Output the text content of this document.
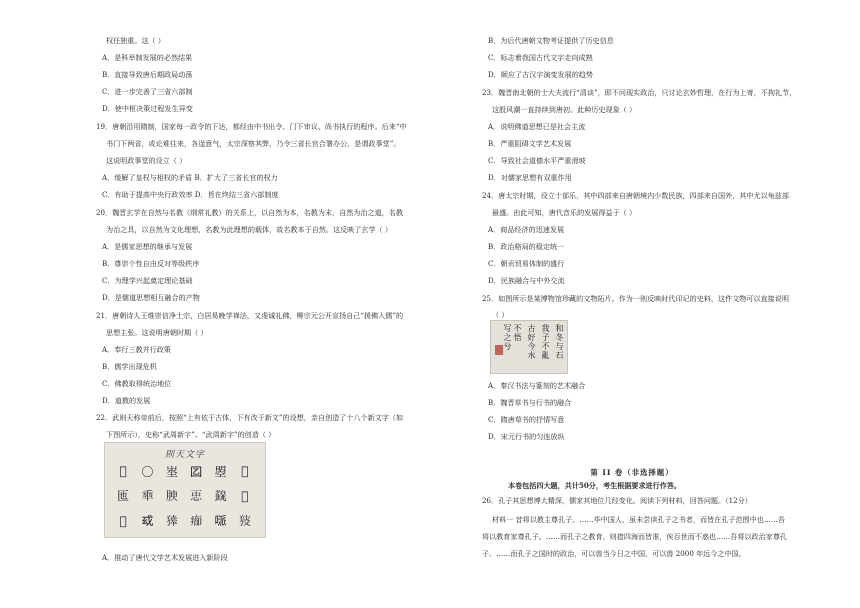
权任独重。这（ ）
A．是科举制发展的必然结果
B．直接导致唐后期政局动荡
C．进一步完善了三省六部制
D．使中枢决策过程发生异变
19．唐朝沿用隋制，国家每一政令的下达，都经由中书出令、门下审议、尚书执行的程序。后来“中
书门下两省，或论难往来，各逞意气，太宗深察其弊，乃令三省长官合署办公，是谓政事堂”。
这说明政事堂的设立（ ）
A．缓解了皇权与相权的矛盾 B．扩大了三省长官的权力
C．有助于提高中央行政效率 D．旨在终结三省六部制度
20．魏晋玄学在自然与名教（纲常礼教）的关系上，以自然为本，名教为末，自然为治之道，名教
为治之具，以自然为文化理想，名教为此理想的载体，故名教本于自然。这反映了玄学（ ）
A．是儒家思想的继承与发展
B．尊崇个性自由反对等级秩序
C．为理学兴起奠定理论基础
D．是儒道思想相互融合的产物
21．唐朝诗人王维崇信净土宗，白居易晚学禅法，又虔诚礼佛，柳宗元公开宣扬自己“援佛入儒”的
思想主张。这说明唐朝时期（ ）
A．奉行三教并行政策
B．儒学出现危机
C．佛教取得统治地位
D．道教的发展
22．武则天称帝前后，按照“上有依于古体，下有改于新文”的设想，亲自创造了十八个新文字（如
下图所示），史称“武周新字”。“武周新字”的创造（ ）
A．推动了唐代文学艺术发展进入新阶段
則天文字
𠀑	〇	埊	𡆠	曌	𠡦
匜	𠦚	𦚤	𢘑	𤾿	𡕀
𠡦	𢦙	𤡶	𤷽	𠸁	𤟫
第 II 卷（非选择题）
本卷包括四大题，共计50分，考生根据要求进行作答。
B．为后代唐朝文物考证提供了历史信息
C．标志着我国古代文字走向成熟
D．顺应了古汉字演变发展的趋势
23．魏晋南北朝的士大夫流行“清谈”，即不问现实政治，只讨论玄妙哲理，在行为上寄，不拘礼节，
这股风潮一直持续到唐初。此种历史现象（ ）
A．说明佛道思想已是社会主流
B．严重阻碍文学艺术发展
C．导致社会道德水平严重滑坡
D．对儒家思想有双重作用
24．唐太宗时期，设立十部乐，其中四部来自唐朝境内少数民族，四部来自国外，其中尤以龟兹部
最盛。由此可知，唐代音乐的发展得益于（ ）
A．商品经济的迅速发展
B．政治格局的稳定统一
C．朝贡贸易体制的盛行
D．民族融合与中外交流
25．如图所示是某博物馆珍藏的文物拓片。作为一则反映时代印记的史料，这件文物可以直接说明
（ ）
A．秦汉书法与篆刻的艺术融合
B．魏晋草书与行书的融合
C．隋唐草书的抒情写意
D．宋元行书的匀连放纵
26．孔子其思想博大精深，儒家其地位几经变化。阅读下列材料，回答问题。（12分）
材料一 昔将以教主尊孔子。……毕中国人，虽未尝读孔子之书者，而皆在孔子范围中也……吾
将以教育家尊孔子。……而孔子之教育，则措四海而皆准，俟百世而不惑也……吾将以政治家尊孔
子。……而孔子之国时的政治，可以兽当今日之中国，可以兽 2000 年远今之中国。
和冬与石
我子不亂
古好今水
不悟
写之兮
